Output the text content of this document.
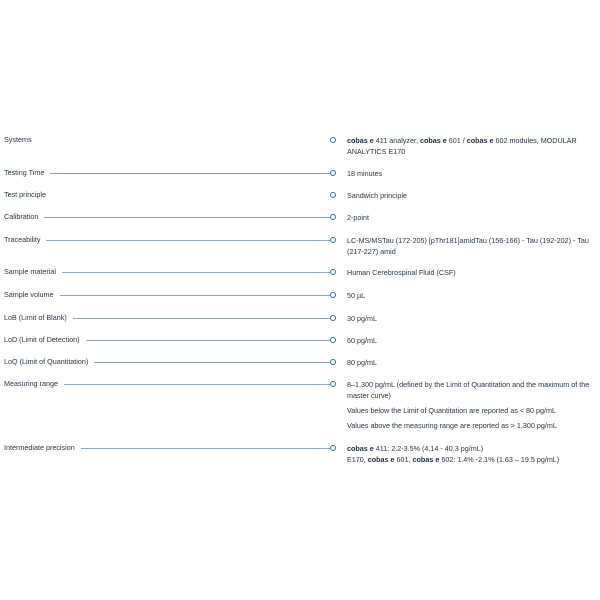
Systems	cobas e 411 analyzer, cobas e 601 / cobas e 602 modules, MODULAR ANALYTICS E170

Testing Time	18 minutes

Test principle	Sandwich principle

Calibration	2-point

Traceability	LC-MS/MSTau (172-205) [pThr181]amidTau (156-166) - Tau (192-202) - Tau (217-227) amid

Sample material	Human Cerebrospinal Fluid (CSF)

Sample volume	50 µL

LoB (Limit of Blank)	30 pg/mL

LoD (Limit of Detection)	60 pg/mL

LoQ (Limit of Quantitation)	80 pg/mL

Measuring range	8–1,300 pg/mL (defined by the Limit of Quantitation and the maximum of the master curve)

Values below the Limit of Quantitation are reported as < 80 pg/mL

Values above the measuring range are reported as > 1,300 pg/mL

Intermediate precision	cobas e 411: 2.2-3.5% (4.14 - 40.3 pg/mL)
E170, cobas e 601, cobas e 602: 1.4% -2.1% (1.63 – 19.5 pg/mL)
